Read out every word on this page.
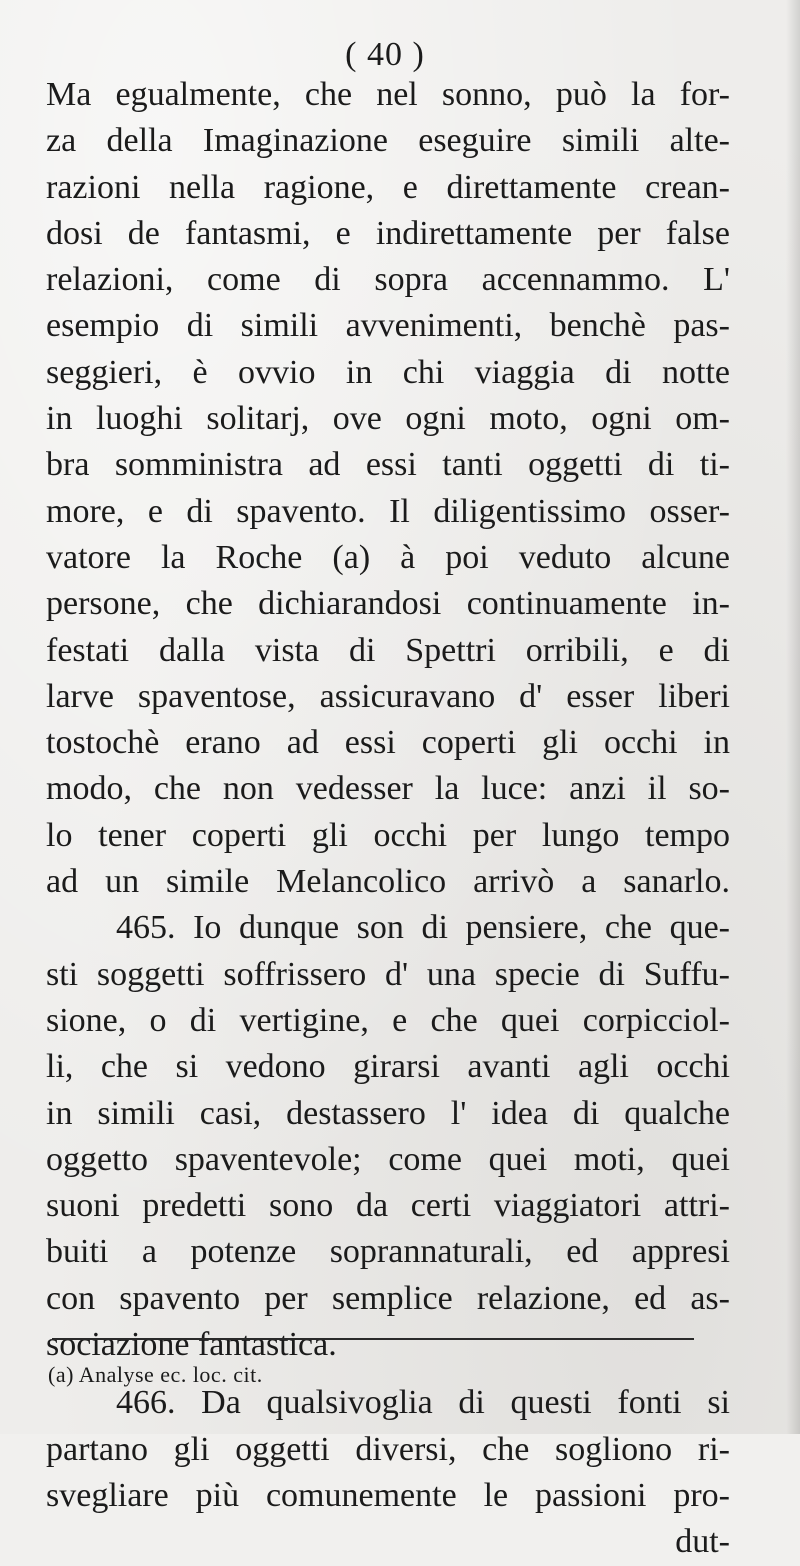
( 40 )
Ma egualmente, che nel sonno, può la for-
za della Imaginazione eseguire simili alte-
razioni nella ragione, e direttamente crean-
dosi de fantasmi, e indirettamente per false
relazioni, come di sopra accennammo. L'
esempio di simili avvenimenti, benchè pas-
seggieri, è ovvio in chi viaggia di notte
in luoghi solitarj, ove ogni moto, ogni om-
bra somministra ad essi tanti oggetti di ti-
more, e di spavento. Il diligentissimo osser-
vatore la Roche (a) à poi veduto alcune
persone, che dichiarandosi continuamente in-
festati dalla vista di Spettri orribili, e di
larve spaventose, assicuravano d' esser liberi
tostochè erano ad essi coperti gli occhi in
modo, che non vedesser la luce: anzi il so-
lo tener coperti gli occhi per lungo tempo
ad un simile Melancolico arrivò a sanarlo.
465. Io dunque son di pensiere, che que-
sti soggetti soffrissero d' una specie di Suffu-
sione, o di vertigine, e che quei corpicciol-
li, che si vedono girarsi avanti agli occhi
in simili casi, destassero l' idea di qualche
oggetto spaventevole; come quei moti, quei
suoni predetti sono da certi viaggiatori attri-
buiti a potenze soprannaturali, ed appresi
con spavento per semplice relazione, ed as-
sociazione fantastica.
466. Da qualsivoglia di questi fonti si
partano gli oggetti diversi, che sogliono ri-
svegliare più comunemente le passioni pro-
dut-
(a) Analyse ec. loc. cit.
